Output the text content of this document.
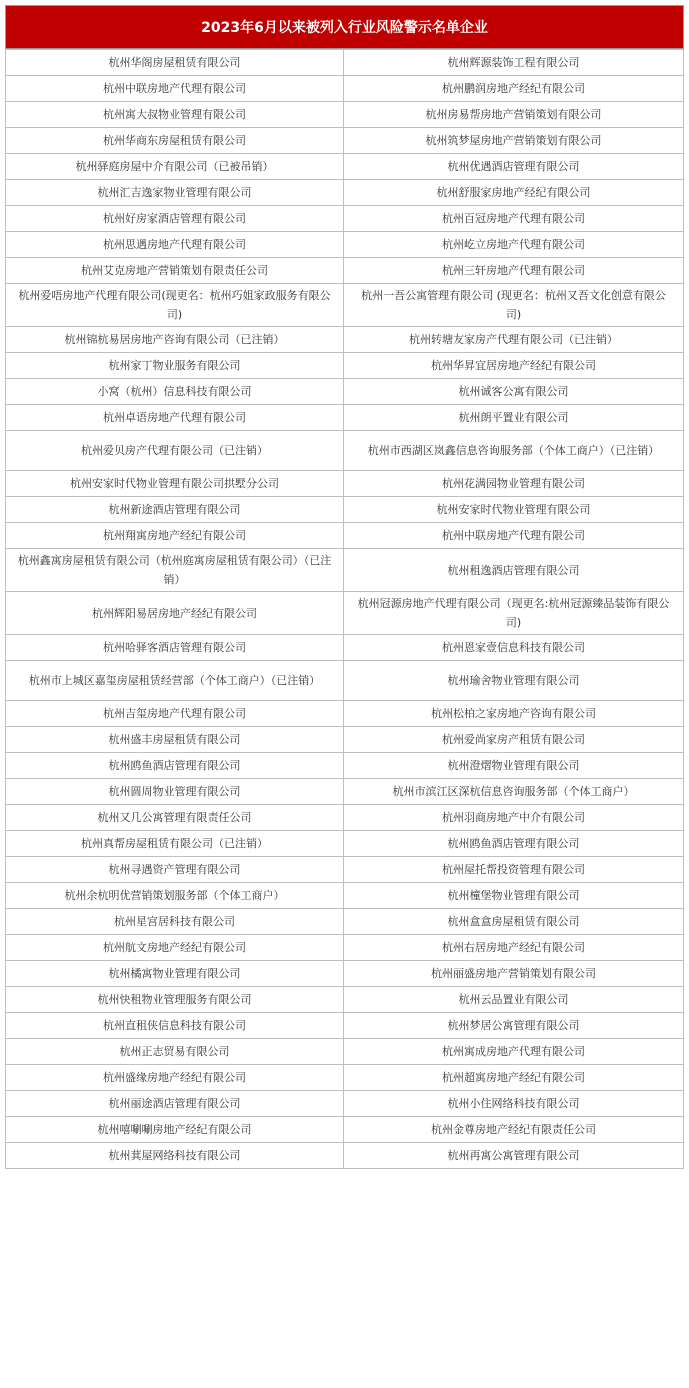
2023年6月以来被列入行业风险警示名单企业
杭州华阁房屋租赁有限公司	杭州辉源装饰工程有限公司
杭州中联房地产代理有限公司	杭州鹏润房地产经纪有限公司
杭州寓大叔物业管理有限公司	杭州房易帮房地产营销策划有限公司
杭州华商东房屋租赁有限公司	杭州筑梦屋房地产营销策划有限公司
杭州驿庭房屋中介有限公司（已被吊销）	杭州优遇酒店管理有限公司
杭州汇吉逸家物业管理有限公司	杭州舒服家房地产经纪有限公司
杭州好房家酒店管理有限公司	杭州百冠房地产代理有限公司
杭州思遇房地产代理有限公司	杭州屹立房地产代理有限公司
杭州艾克房地产营销策划有限责任公司	杭州三轩房地产代理有限公司
杭州爱唔房地产代理有限公司(现更名：杭州巧姐家政服务有限公司)	杭州一吾公寓管理有限公司 (现更名：杭州又吾文化创意有限公司)
杭州锦杭易居房地产咨询有限公司（已注销）	杭州转塘友家房产代理有限公司（已注销）
杭州家丁物业服务有限公司	杭州华昇宜居房地产经纪有限公司
小窝（杭州）信息科技有限公司	杭州诚客公寓有限公司
杭州卓语房地产代理有限公司	杭州朗平置业有限公司
杭州爱贝房产代理有限公司（已注销）	杭州市西湖区岚鑫信息咨询服务部（个体工商户）（已注销）
杭州安家时代物业管理有限公司拱墅分公司	杭州花满园物业管理有限公司
杭州新途酒店管理有限公司	杭州安家时代物业管理有限公司
杭州翔寓房地产经纪有限公司	杭州中联房地产代理有限公司
杭州鑫寓房屋租赁有限公司（杭州庭寓房屋租赁有限公司）（已注销）	杭州租逸酒店管理有限公司
杭州辉阳易居房地产经纪有限公司	杭州冠源房地产代理有限公司（现更名:杭州冠源臻品装饰有限公司)
杭州哈驿客酒店管理有限公司	杭州恩家壹信息科技有限公司
杭州市上城区嘉玺房屋租赁经营部（个体工商户）（已注销）	杭州瑜舍物业管理有限公司
杭州吉玺房地产代理有限公司	杭州松柏之家房地产咨询有限公司
杭州盛丰房屋租赁有限公司	杭州爱尚家房产租赁有限公司
杭州鸥鱼酒店管理有限公司	杭州澄熠物业管理有限公司
杭州圆周物业管理有限公司	杭州市滨江区深杭信息咨询服务部（个体工商户）
杭州又几公寓管理有限责任公司	杭州羽商房地产中介有限公司
杭州真帮房屋租赁有限公司（已注销）	杭州鸥鱼酒店管理有限公司
杭州寻遇资产管理有限公司	杭州屋托帮投资管理有限公司
杭州余杭明优营销策划服务部（个体工商户）	杭州橦堡物业管理有限公司
杭州星宫居科技有限公司	杭州盒盒房屋租赁有限公司
杭州航文房地产经纪有限公司	杭州右居房地产经纪有限公司
杭州橘寓物业管理有限公司	杭州丽盛房地产营销策划有限公司
杭州快租物业管理服务有限公司	杭州云品置业有限公司
杭州直租侠信息科技有限公司	杭州梦居公寓管理有限公司
杭州正志贸易有限公司	杭州寓成房地产代理有限公司
杭州盛缘房地产经纪有限公司	杭州超寓房地产经纪有限公司
杭州丽途酒店管理有限公司	杭州小住网络科技有限公司
杭州嘻唰唰房地产经纪有限公司	杭州金尊房地产经纪有限责任公司
杭州萁屋网络科技有限公司	杭州再寓公寓管理有限公司
